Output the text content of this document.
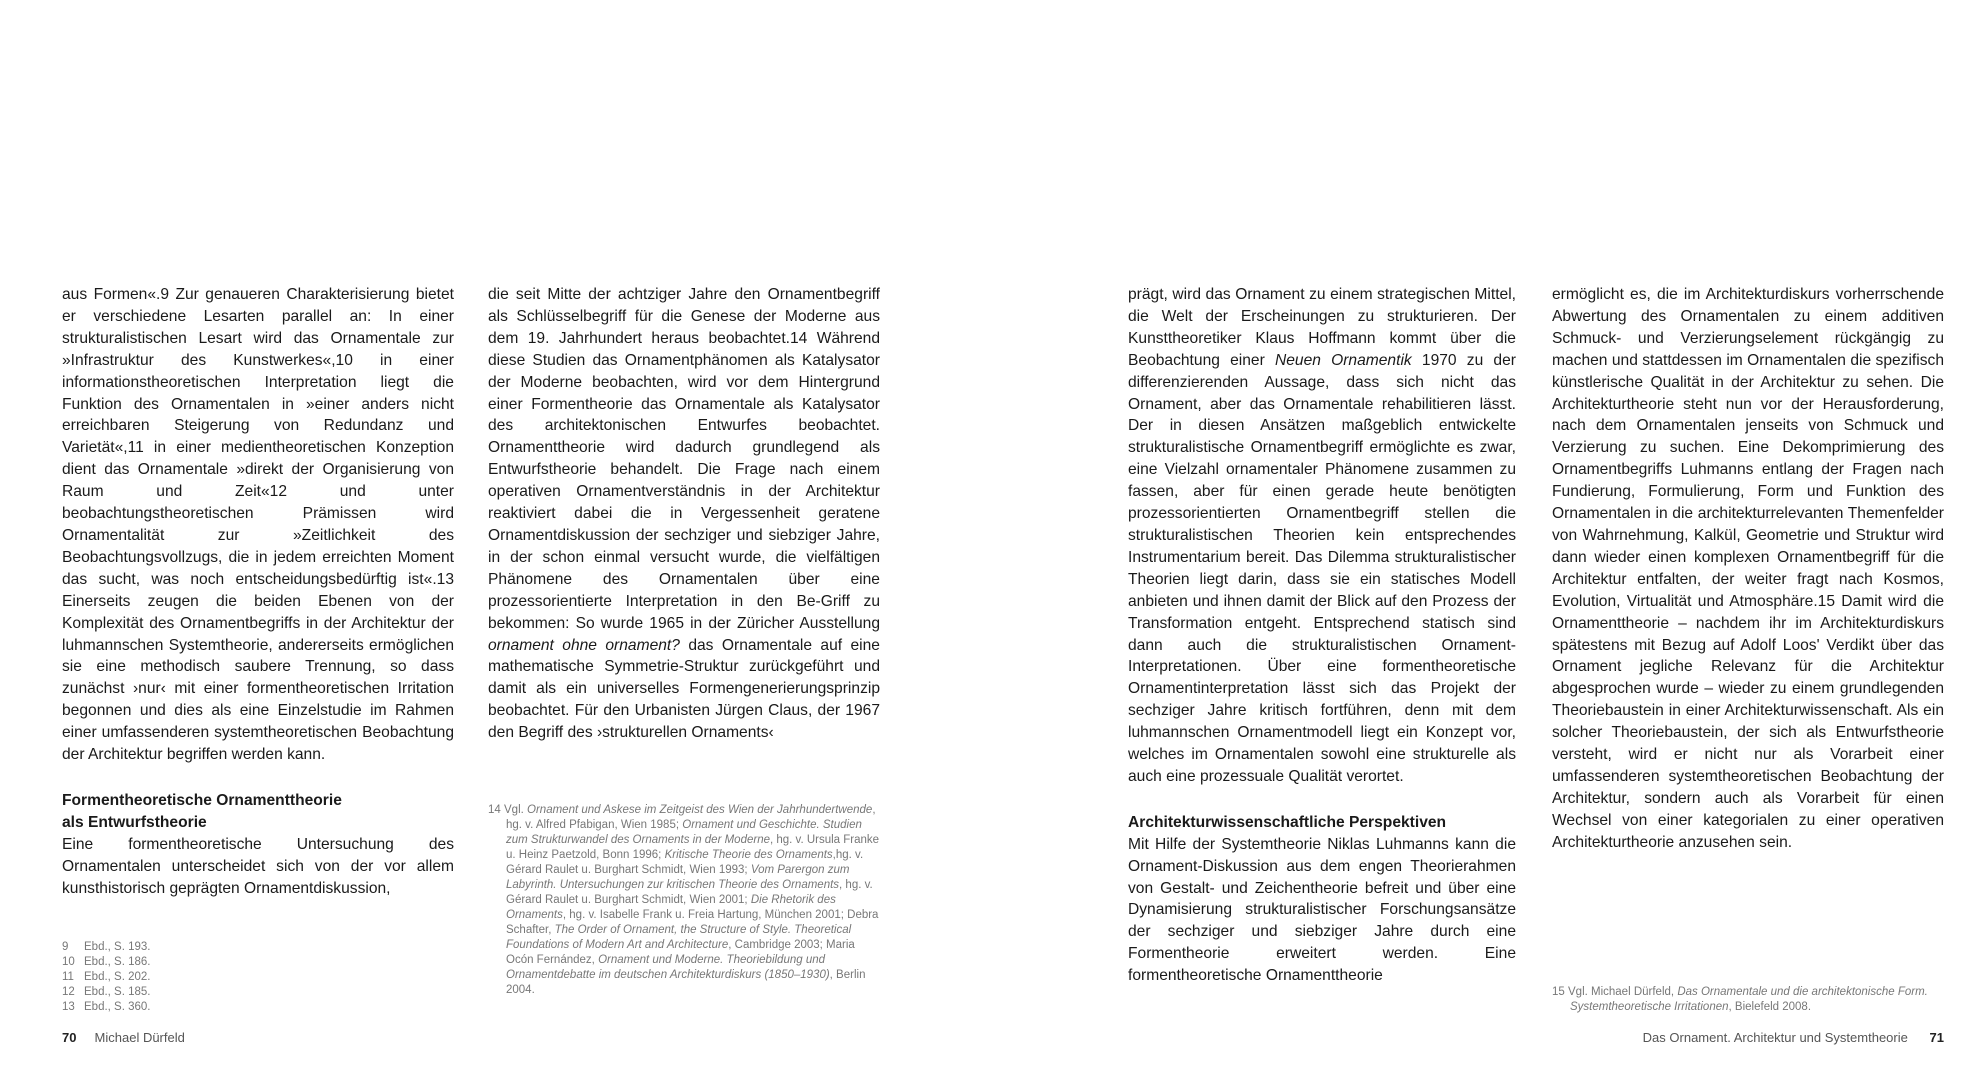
aus Formen«.9 Zur genaueren Charakterisierung bietet er verschiedene Lesarten parallel an: In einer strukturalistischen Lesart wird das Ornamentale zur »Infrastruktur des Kunstwerkes«,10 in einer informationstheoretischen Interpretation liegt die Funktion des Ornamentalen in »einer anders nicht erreichbaren Steigerung von Redundanz und Varietät«,11 in einer medientheoretischen Konzeption dient das Ornamentale »direkt der Organisierung von Raum und Zeit«12 und unter beobachtungstheoretischen Prämissen wird Ornamentalität zur »Zeitlichkeit des Beobachtungsvollzugs, die in jedem erreichten Moment das sucht, was noch entscheidungsbedürftig ist«.13 Einerseits zeugen die beiden Ebenen von der Komplexität des Ornamentbegriffs in der Architektur der luhmannschen Systemtheorie, andererseits ermöglichen sie eine methodisch saubere Trennung, so dass zunächst ›nur‹ mit einer formentheoretischen Irritation begonnen und dies als eine Einzelstudie im Rahmen einer umfassenderen systemtheoretischen Beobachtung der Architektur begriffen werden kann.

Formentheoretische Ornamenttheorie
als Entwurfstheorie

Eine formentheoretische Untersuchung des Ornamentalen unterscheidet sich von der vor allem kunsthistorisch geprägten Ornamentdiskussion,

die seit Mitte der achtziger Jahre den Ornamentbegriff als Schlüsselbegriff für die Genese der Moderne aus dem 19. Jahrhundert heraus beobachtet.14 Während diese Studien das Ornamentphänomen als Katalysator der Moderne beobachten, wird vor dem Hintergrund einer Formentheorie das Ornamentale als Katalysator des architektonischen Entwurfes beobachtet. Ornamenttheorie wird dadurch grundlegend als Entwurfstheorie behandelt. Die Frage nach einem operativen Ornamentverständnis in der Architektur reaktiviert dabei die in Vergessenheit geratene Ornamentdiskussion der sechziger und siebziger Jahre, in der schon einmal versucht wurde, die vielfältigen Phänomene des Ornamentalen über eine prozessorientierte Interpretation in den Be-Griff zu bekommen: So wurde 1965 in der Züricher Ausstellung ornament ohne ornament? das Ornamentale auf eine mathematische Symmetrie-Struktur zurückgeführt und damit als ein universelles Formengenerierungsprinzip beobachtet. Für den Urbanisten Jürgen Claus, der 1967 den Begriff des ›strukturellen Ornaments‹

9 Ebd., S. 193.

10 Ebd., S. 186.

11 Ebd., S. 202.

12 Ebd., S. 185.

13 Ebd., S. 360.

14 Vgl. Ornament und Askese im Zeitgeist des Wien der Jahrhundertwende, hg. v. Alfred Pfabigan, Wien 1985; Ornament und Geschichte. Studien zum Strukturwandel des Ornaments in der Moderne, hg. v. Ursula Franke u. Heinz Paetzold, Bonn 1996; Kritische Theorie des Ornaments,hg. v. Gérard Raulet u. Burghart Schmidt, Wien 1993; Vom Parergon zum Labyrinth. Untersuchungen zur kritischen Theorie des Ornaments, hg. v. Gérard Raulet u. Burghart Schmidt, Wien 2001; Die Rhetorik des Ornaments, hg. v. Isabelle Frank u. Freia Hartung, München 2001; Debra Schafter, The Order of Ornament, the Structure of Style. Theoretical Foundations of Modern Art and Architecture, Cambridge 2003; Maria Ocón Fernández, Ornament und Moderne. Theoriebildung und Ornamentdebatte im deutschen Architekturdiskurs (1850–1930), Berlin 2004.

70 Michael Dürfeld

prägt, wird das Ornament zu einem strategischen Mittel, die Welt der Erscheinungen zu strukturieren. Der Kunsttheoretiker Klaus Hoffmann kommt über die Beobachtung einer Neuen Ornamentik 1970 zu der differenzierenden Aussage, dass sich nicht das Ornament, aber das Ornamentale rehabilitieren lässt. Der in diesen Ansätzen maßgeblich entwickelte strukturalistische Ornamentbegriff ermöglichte es zwar, eine Vielzahl ornamentaler Phänomene zusammen zu fassen, aber für einen gerade heute benötigten prozessorientierten Ornamentbegriff stellen die strukturalistischen Theorien kein entsprechendes Instrumentarium bereit. Das Dilemma strukturalistischer Theorien liegt darin, dass sie ein statisches Modell anbieten und ihnen damit der Blick auf den Prozess der Transformation entgeht. Entsprechend statisch sind dann auch die strukturalistischen Ornament-Interpretationen. Über eine formentheoretische Ornamentinterpretation lässt sich das Projekt der sechziger Jahre kritisch fortführen, denn mit dem luhmannschen Ornamentmodell liegt ein Konzept vor, welches im Ornamentalen sowohl eine strukturelle als auch eine prozessuale Qualität verortet.

Architekturwissenschaftliche Perspektiven

Mit Hilfe der Systemtheorie Niklas Luhmanns kann die Ornament-Diskussion aus dem engen Theorierahmen von Gestalt- und Zeichentheorie befreit und über eine Dynamisierung strukturalistischer Forschungsansätze der sechziger und siebziger Jahre durch eine Formentheorie erweitert werden. Eine formentheoretische Ornamenttheorie

ermöglicht es, die im Architekturdiskurs vorherrschende Abwertung des Ornamentalen zu einem additiven Schmuck- und Verzierungselement rückgängig zu machen und stattdessen im Ornamentalen die spezifisch künstlerische Qualität in der Architektur zu sehen. Die Architekturtheorie steht nun vor der Herausforderung, nach dem Ornamentalen jenseits von Schmuck und Verzierung zu suchen. Eine Dekomprimierung des Ornamentbegriffs Luhmanns entlang der Fragen nach Fundierung, Formulierung, Form und Funktion des Ornamentalen in die architekturrelevanten Themenfelder von Wahrnehmung, Kalkül, Geometrie und Struktur wird dann wieder einen komplexen Ornamentbegriff für die Architektur entfalten, der weiter fragt nach Kosmos, Evolution, Virtualität und Atmosphäre.15 Damit wird die Ornamenttheorie – nachdem ihr im Architekturdiskurs spätestens mit Bezug auf Adolf Loos' Verdikt über das Ornament jegliche Relevanz für die Architektur abgesprochen wurde – wieder zu einem grundlegenden Theoriebaustein in einer Architekturwissenschaft. Als ein solcher Theoriebaustein, der sich als Entwurfstheorie versteht, wird er nicht nur als Vorarbeit einer umfassenderen systemtheoretischen Beobachtung der Architektur, sondern auch als Vorarbeit für einen Wechsel von einer kategorialen zu einer operativen Architekturtheorie anzusehen sein.

15 Vgl. Michael Dürfeld, Das Ornamentale und die architektonische Form. Systemtheoretische Irritationen, Bielefeld 2008.

Das Ornament. Architektur und Systemtheorie 71
